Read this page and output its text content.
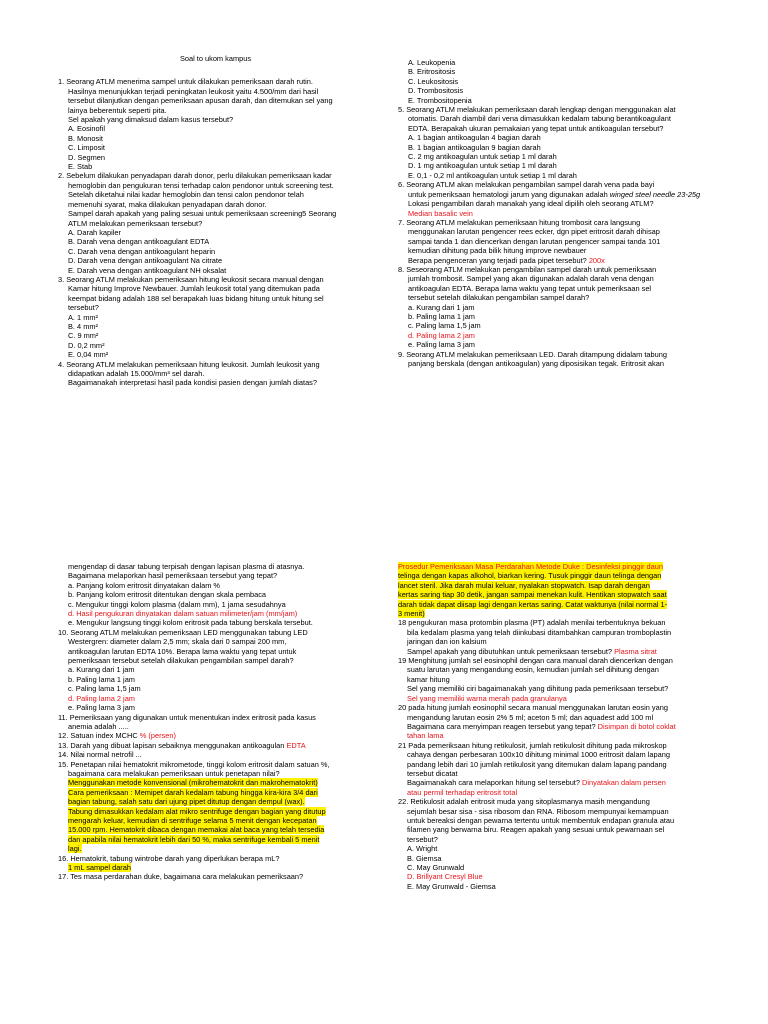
Soal to ukom kampus

1. Seorang ATLM menerima sampel untuk dilakukan pemeriksaan darah rutin.

Hasilnya menunjukkan terjadi peningkatan leukosit yaitu 4.500/mm dari hasil

tersebut dilanjutkan dengan pemeriksaan apusan darah, dan ditemukan sel yang

lainya beberentuk seperti pita.

Sel apakah yang dimaksud dalam kasus tersebut?

A. Eosinofil

B. Monosit

C. Limposit

D. Segmen

E. Stab

2. Sebelum dilakukan penyadapan darah donor, perlu dilakukan pemeriksaan kadar

hemoglobin dan pengukuran tensi terhadap calon pendonor untuk screening test.

Setelah diketahui nilai kadar hemoglobin dan tensi calon pendonor telah

memenuhi syarat, maka dilakukan penyadapan darah donor.

Sampel darah apakah yang paling sesuai untuk pemeriksaan screening5 Seorang

ATLM melakukan pemeriksaan tersebut?

A. Darah kapiler

B. Darah vena dengan antikoagulant EDTA

C. Darah vena dengan antikoagulant heparin

D. Darah vena dengan antikoagulant Na citrate

E. Darah vena dengan antikoagulant NH oksalat

3. Seorang ATLM melakukan pemeriksaan hitung leukosit secara manual dengan

Kamar hitung Improve Newbauer. Jumlah leukosit total yang ditemukan pada

keempat bidang adalah 188 sel berapakah luas bidang hitung untuk hitung sel

tersebut?

A. 1 mm²

B. 4 mm²

C. 9 mm²

D. 0,2 mm²

E. 0,04 mm²

4. Seorang ATLM melakukan pemeriksaan hitung leukosit. Jumlah leukosit yang

didapatkan adalah 15.000/mm³ sel darah.

Bagaimanakah interpretasi hasil pada kondisi pasien dengan jumlah diatas?

A. Leukopenia

B. Eritrositosis

C. Leukositosis

D. Trombositosis

E. Trombositopenia

5. Seorang ATLM melakukan pemeriksaan darah lengkap dengan menggunakan alat

otomatis. Darah diambil dari vena dimasukkan kedalam tabung berantikoagulant

EDTA. Berapakah ukuran pemakaian yang tepat untuk antikoagulan tersebut?

A. 1 bagian antikoagulan 4 bagian darah

B. 1 bagian antikoagulan 9 bagian darah

C. 2 mg antikoagulan untuk setiap 1 ml darah

D. 1 mg antikoagulan untuk setiap 1 ml darah

E. 0,1 - 0,2 ml antikoagulan untuk setiap 1 ml darah

6. Seorang ATLM akan melakukan pengambilan sampel darah vena pada bayi

untuk pemeriksaan hematologi jarum yang digunakan adalah winged steel needle 23-25g

Lokasi pengambilan darah manakah yang ideal dipilih oleh seorang ATLM?

Median basalic vein

7. Seorang ATLM melakukan pemeriksaan hitung trombosit cara langsung

menggunakan larutan pengencer rees ecker, dgn pipet eritrosit darah dihisap

sampai tanda 1 dan diencerkan dengan larutan pengencer sampai tanda 101

kemudian dihitung pada bilik hitung improve newbauer

Berapa pengenceran yang terjadi pada pipet tersebut? 200x

8. Seseorang ATLM melakukan pengambilan sampel darah untuk pemeriksaan

jumlah trombosit. Sampel yang akan digunakan adalah darah vena dengan

antikoagulan EDTA. Berapa lama waktu yang tepat untuk pemeriksaan sel

tersebut setelah dilakukan pengambilan sampel darah?

a. Kurang dari 1 jam

b. Paling lama 1 jam

c. Paling lama 1,5 jam

d. Paling lama 2 jam

e. Paling lama 3 jam

9. Seorang ATLM melakukan pemeriksaan LED. Darah ditampung didalam tabung

panjang berskala (dengan antikoagulan) yang diposisikan tegak. Eritrosit akan

mengendap di dasar tabung terpisah dengan lapisan plasma di atasnya.

Bagaimana melaporkan hasil pemeriksaan tersebut yang tepat?

a. Panjang kolom eritrosit dinyatakan dalam %

b. Panjang kolom eritrosit ditentukan dengan skala pembaca

c. Mengukur tinggi kolom plasma (dalam mm), 1 jama sesudahnya

d. Hasil pengukuran dinyatakan dalam satuan milimeter/jam (mm/jam)

e. Mengukur langsung tinggi kolom eritrosit pada tabung berskala tersebut.

10. Seorang ATLM melakukan pemeriksaan LED menggunakan tabung LED

Westergren: diameter dalam 2,5 mm; skala dari 0 sampai 200 mm,

antikoagulan larutan EDTA 10%. Berapa lama waktu yang tepat untuk

pemeriksaan tersebut setelah dilakukan pengambilan sampel darah?

a. Kurang dari 1 jam

b. Paling lama 1 jam

c. Paling lama 1,5 jam

d. Paling lama 2 jam

e. Paling lama 3 jam

11. Pemeriksaan yang digunakan untuk menentukan index eritrosit pada kasus

anemia adalah .....

12. Satuan index MCHC % (persen)

13. Darah yang dibuat lapisan sebaiknya menggunakan antikoagulan EDTA

14. Nilai normal netrofil ...

15. Penetapan nilai hematokrit mikrometode, tinggi kolom eritrosit dalam satuan %,

bagaimana cara melakukan pemeriksaan untuk penetapan nilai?

Menggunakan metode konvensional (mikrohematokrit dan makrohematokrit)

Cara pemeriksaan : Memipet darah kedalam tabung hingga kira-kira 3/4 dari

bagian tabung, salah satu dari ujung pipet ditutup dengan dempul (wax).

Tabung dimasukkan kedalam alat mikro sentrifuge dengan bagian yang ditutup

mengarah keluar, kemudian di sentrifuge selama 5 menit dengan kecepatan

15.000 rpm. Hematokrit dibaca dengan memakai alat baca yang telah tersedia

dan apabila nilai hematokrit lebih dari 50 %, maka sentrifuge kembali 5 menit

lagi.

16. Hematokrit, tabung wintrobe darah yang diperlukan berapa mL?

1 mL sampel darah

17. Tes masa perdarahan duke, bagaimana cara melakukan pemeriksaan?

Prosedur Pemeriksaan Masa Perdarahan Metode Duke : Desinfeksi pinggir daun

telinga dengan kapas alkohol, biarkan kering. Tusuk pinggir daun telinga dengan

lancet steril. Jika darah mulai keluar, nyalakan stopwatch. Isap darah dengan

kertas saring tiap 30 detik, jangan sampai menekan kulit. Hentikan stopwatch saat

darah tidak dapat diisap lagi dengan kertas saring. Catat waktunya (nilai normal 1-

3 menit)

18 pengukuran masa protombin plasma (PT) adalah menilai terbentuknya bekuan

bila kedalam plasma yang telah diinkubasi ditambahkan campuran tromboplastin

jaringan dan ion kalsium

Sampel apakah yang dibutuhkan untuk pemeriksaan tersebut? Plasma sitrat

19 Menghitung jumlah sel eosinophil dengan cara manual darah diencerkan dengan

suatu larutan yang mengandung eosin, kemudian jumlah sel dihitung dengan

kamar hitung

Sel yang memiliki ciri bagaimanakah yang dihitung pada pemeriksaan tersebut?

Sel yang memiliki warna merah pada granulanya

20 pada hitung jumlah eosinophil secara manual menggunakan larutan eosin yang

mengandung larutan eosin 2% 5 ml; aceton 5 ml; dan aquadest add 100 ml

Bagaimana cara menyimpan reagen tersebut yang tepat? Disimpan di botol coklat

tahan lama

21 Pada pemeriksaan hitung retikulosit, jumlah retikulosit dihitung pada mikroskop

cahaya dengan perbesaran 100x10 dihitung minimal 1000 eritrosit dalam lapang

pandang lebih dari 10 jumlah retikulosit yang ditemukan dalam lapang pandang

tersebut dicatat

Bagaimanakah cara melaporkan hitung sel tersebut? Dinyatakan dalam persen

atau permil terhadap eritrosit total

22. Retikulosit adalah eritrosit muda yang sitoplasmanya masih mengandung

sejumlah besar sisa - sisa ribosom dan RNA. Ribosom mempunyai kemampuan

untuk bereaksi dengan pewarna tertentu untuk membentuk endapan granula atau

filamen yang berwarna biru. Reagen apakah yang sesuai untuk pewarnaan sel

tersebut?

A. Wright

B. Giemsa

C. May Grunwald

D. Brillyant Cresyl Blue

E. May Grunwald - Giemsa
